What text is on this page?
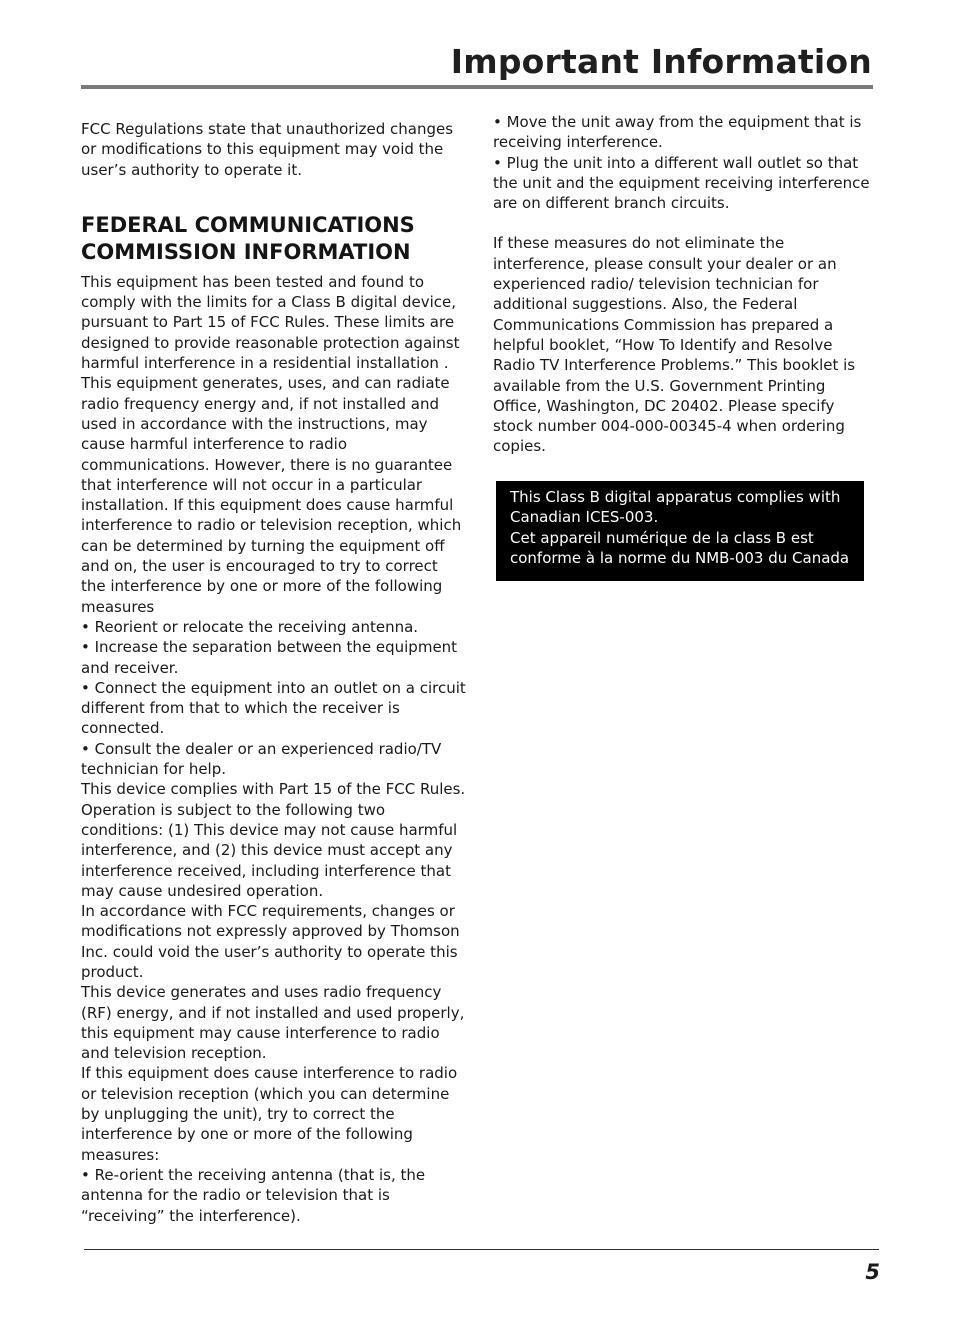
Important Information

FCC Regulations state that unauthorized changes or modifications to this equipment may void the user’s authority to operate it.

FEDERAL COMMUNICATIONS COMMISSION INFORMATION

This equipment has been tested and found to comply with the limits for a Class B digital device, pursuant to Part 15 of FCC Rules. These limits are designed to provide reasonable protection against harmful interference in a residential installation . This equipment generates, uses, and can radiate radio frequency energy and, if not installed and used in accordance with the instructions, may cause harmful interference to radio communications. However, there is no guarantee that interference will not occur in a particular installation. If this equipment does cause harmful interference to radio or television reception, which can be determined by turning the equipment off and on, the user is encouraged to try to correct the interference by one or more of the following measures

• Reorient or relocate the receiving antenna.

• Increase the separation between the equipment and receiver.

• Connect the equipment into an outlet on a circuit different from that to which the receiver is connected.

• Consult the dealer or an experienced radio/TV technician for help.

This device complies with Part 15 of the FCC Rules. Operation is subject to the following two conditions: (1) This device may not cause harmful interference, and (2) this device must accept any interference received, including interference that may cause undesired operation.

In accordance with FCC requirements, changes or modifications not expressly approved by Thomson Inc. could void the user’s authority to operate this product.

This device generates and uses radio frequency (RF) energy, and if not installed and used properly, this equipment may cause interference to radio and television reception.

If this equipment does cause interference to radio or television reception (which you can determine by unplugging the unit), try to correct the interference by one or more of the following measures:

• Re-orient the receiving antenna (that is, the antenna for the radio or television that is “receiving” the interference).

• Move the unit away from the equipment that is receiving interference.

• Plug the unit into a different wall outlet so that the unit and the equipment receiving interference are on different branch circuits.

If these measures do not eliminate the interference, please consult your dealer or an experienced radio/ television technician for additional suggestions. Also, the Federal Communications Commission has prepared a helpful booklet, “How To Identify and Resolve Radio TV Interference Problems.” This booklet is available from the U.S. Government Printing Office, Washington, DC 20402. Please specify stock number 004-000-00345-4 when ordering copies.

This Class B digital apparatus complies with Canadian ICES-003.

Cet appareil numérique de la class B est conforme à la norme du NMB-003 du Canada

5
